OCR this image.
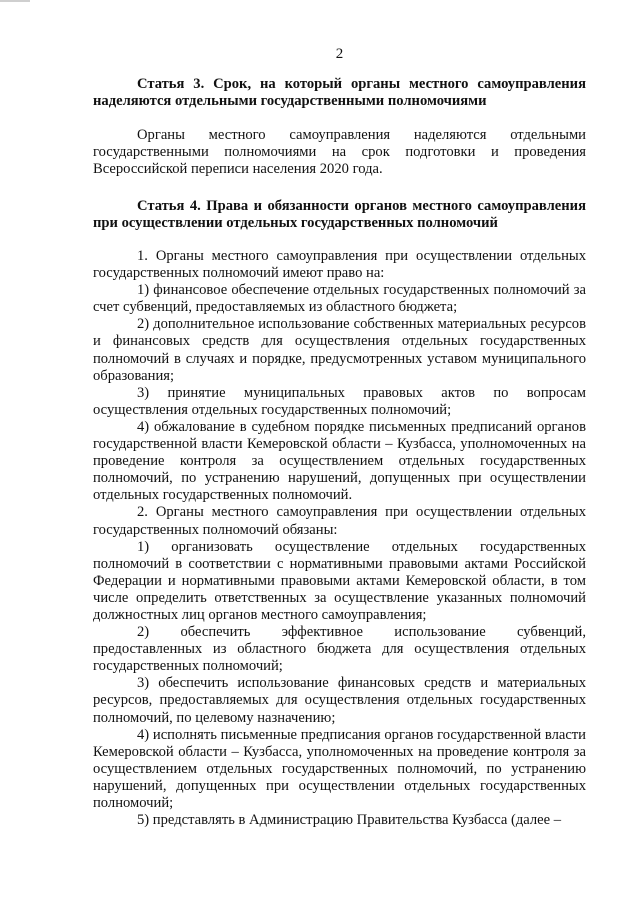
2

Статья 3. Срок, на который органы местного самоуправления наделяются отдельными государственными полномочиями

Органы местного самоуправления наделяются отдельными государственными полномочиями на срок подготовки и проведения Всероссийской переписи населения 2020 года.

Статья 4. Права и обязанности органов местного самоуправления при осуществлении отдельных государственных полномочий

1. Органы местного самоуправления при осуществлении отдельных государственных полномочий имеют право на:

1) финансовое обеспечение отдельных государственных полномочий за счет субвенций, предоставляемых из областного бюджета;

2) дополнительное использование собственных материальных ресурсов и финансовых средств для осуществления отдельных государственных полномочий в случаях и порядке, предусмотренных уставом муниципального образования;

3) принятие муниципальных правовых актов по вопросам осуществления отдельных государственных полномочий;

4) обжалование в судебном порядке письменных предписаний органов государственной власти Кемеровской области – Кузбасса, уполномоченных на проведение контроля за осуществлением отдельных государственных полномочий, по устранению нарушений, допущенных при осуществлении отдельных государственных полномочий.

2. Органы местного самоуправления при осуществлении отдельных государственных полномочий обязаны:

1) организовать осуществление отдельных государственных полномочий в соответствии с нормативными правовыми актами Российской Федерации и нормативными правовыми актами Кемеровской области, в том числе определить ответственных за осуществление указанных полномочий должностных лиц органов местного самоуправления;

2) обеспечить эффективное использование субвенций, предоставленных из областного бюджета для осуществления отдельных государственных полномочий;

3) обеспечить использование финансовых средств и материальных ресурсов, предоставляемых для осуществления отдельных государственных полномочий, по целевому назначению;

4) исполнять письменные предписания органов государственной власти Кемеровской области – Кузбасса, уполномоченных на проведение контроля за осуществлением отдельных государственных полномочий, по устранению нарушений, допущенных при осуществлении отдельных государственных полномочий;

5) представлять в Администрацию Правительства Кузбасса (далее –
